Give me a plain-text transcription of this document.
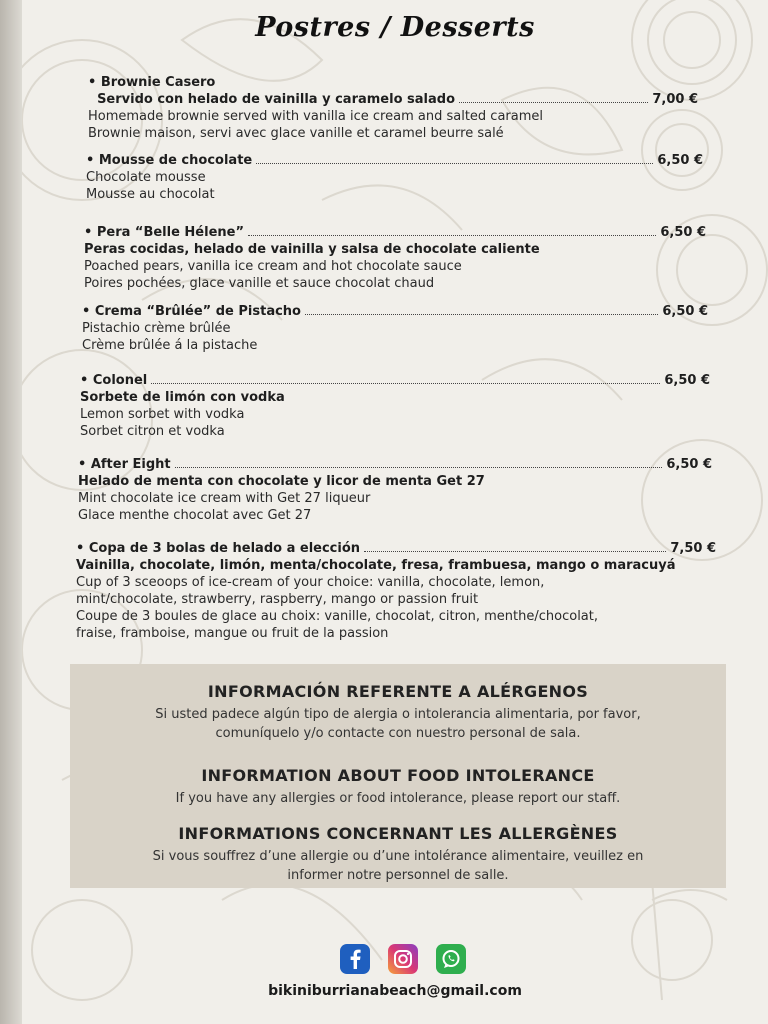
Postres / Desserts
• Brownie Casero

Servido con helado de vainilla y caramelo salado	7,00 €
Homemade brownie served with vanilla ice cream and salted caramel
Brownie maison, servi avec glace vanille et caramel beurre salé
• Mousse de chocolate	6,50 €
Chocolate mousse
Mousse au chocolat
• Pera “Belle Hélene”	6,50 €
Peras cocidas, helado de vainilla y salsa de chocolate caliente
Poached pears, vanilla ice cream and hot chocolate sauce
Poires pochées, glace vanille et sauce chocolat chaud
• Crema “Brûlée” de Pistacho	6,50 €
Pistachio crème brûlée
Crème brûlée á la pistache
• Colonel	6,50 €
Sorbete de limón con vodka
Lemon sorbet with vodka
Sorbet citron et vodka
• After Eight	6,50 €
Helado de menta con chocolate y licor de menta Get 27
Mint chocolate ice cream with Get 27 liqueur
Glace menthe chocolat avec Get 27
• Copa de 3 bolas de helado a elección	7,50 €
Vainilla, chocolate, limón, menta/chocolate, fresa, frambuesa, mango o maracuyá
Cup of 3 sceoops of ice-cream of your choice: vanilla, chocolate, lemon,
mint/chocolate, strawberry, raspberry, mango or passion fruit
Coupe de 3 boules de glace au choix: vanille, chocolat, citron, menthe/chocolat,
fraise, framboise, mangue ou fruit de la passion
INFORMACIÓN REFERENTE A ALÉRGENOS

Si usted padece algún tipo de alergia o intolerancia alimentaria, por favor,

comuníquelo y/o contacte con nuestro personal de sala.

INFORMATION ABOUT FOOD INTOLERANCE

If you have any allergies or food intolerance, please report our staff.

INFORMATIONS CONCERNANT LES ALLERGÈNES

Si vous souffrez d’une allergie ou d’une intolérance alimentaire, veuillez en

informer notre personnel de salle.

bikiniburrianabeach@gmail.com
